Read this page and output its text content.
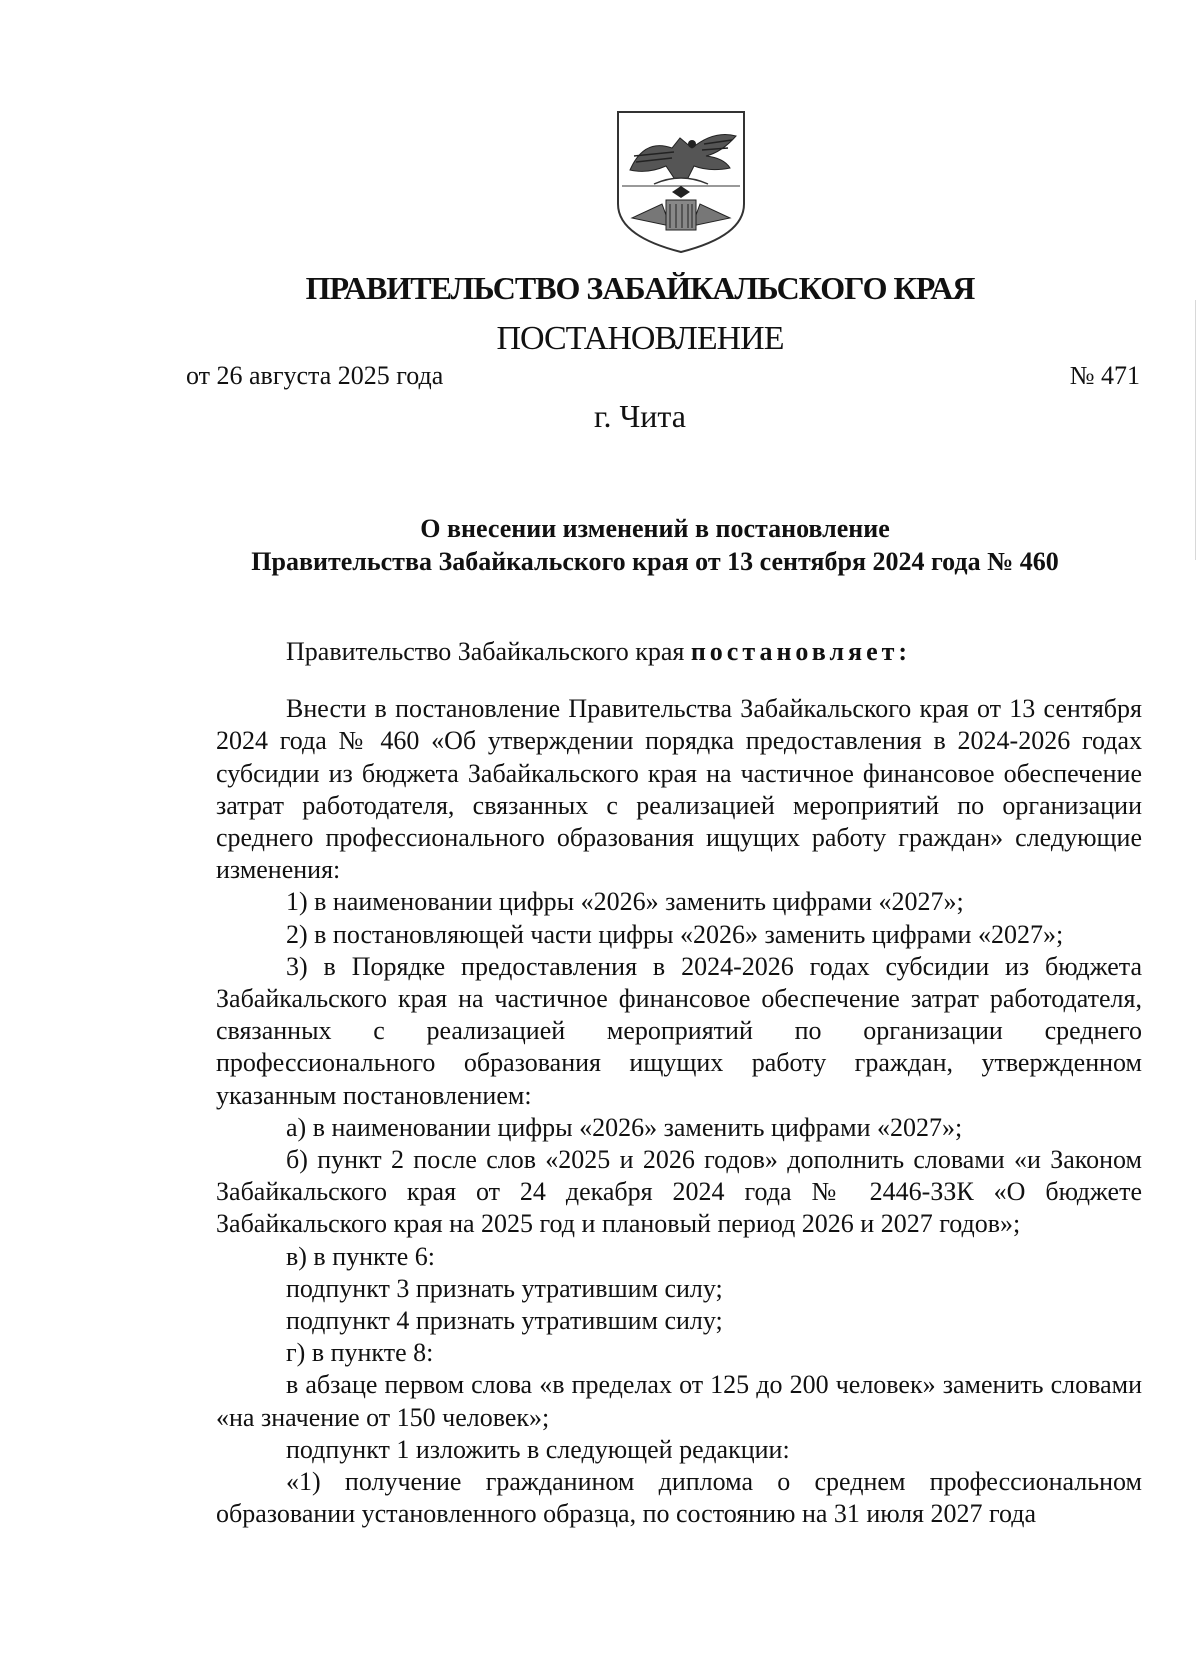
ПРАВИТЕЛЬСТВО ЗАБАЙКАЛЬСКОГО КРАЯ
ПОСТАНОВЛЕНИЕ
от 26 августа 2025 года	№ 471
г. Чита
О внесении изменений в постановление
Правительства Забайкальского края от 13 сентября 2024 года № 460

Правительство Забайкальского края постановляет:

Внести в постановление Правительства Забайкальского края от 13 сентября 2024 года № 460 «Об утверждении порядка предоставления в 2024-2026 годах субсидии из бюджета Забайкальского края на частичное финансовое обеспечение затрат работодателя, связанных с реализацией мероприятий по организации среднего профессионального образования ищущих работу граждан» следующие изменения:

1) в наименовании цифры «2026» заменить цифрами «2027»;

2) в постановляющей части цифры «2026» заменить цифрами «2027»;

3) в Порядке предоставления в 2024-2026 годах субсидии из бюджета Забайкальского края на частичное финансовое обеспечение затрат работодателя, связанных с реализацией мероприятий по организации среднего профессионального образования ищущих работу граждан, утвержденном указанным постановлением:

а) в наименовании цифры «2026» заменить цифрами «2027»;

б) пункт 2 после слов «2025 и 2026 годов» дополнить словами «и Законом Забайкальского края от 24 декабря 2024 года № 2446-ЗЗК «О бюджете Забайкальского края на 2025 год и плановый период 2026 и 2027 годов»;

в) в пункте 6:

подпункт 3 признать утратившим силу;

подпункт 4 признать утратившим силу;

г) в пункте 8:

в абзаце первом слова «в пределах от 125 до 200 человек» заменить словами «на значение от 150 человек»;

подпункт 1 изложить в следующей редакции:

«1) получение гражданином диплома о среднем профессиональном образовании установленного образца, по состоянию на 31 июля 2027 года
